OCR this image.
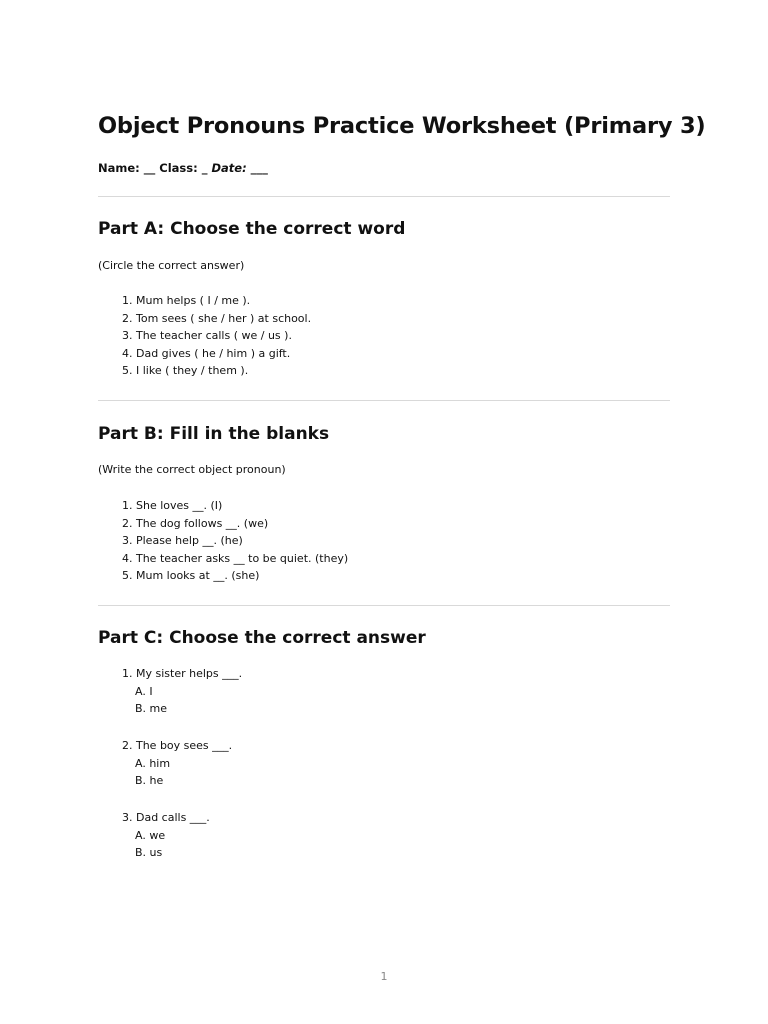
Object Pronouns Practice Worksheet (Primary 3)

Name: __ Class: _ Date: ___

Part A: Choose the correct word

(Circle the correct answer)

1. Mum helps ( I / me ).
2. Tom sees ( she / her ) at school.
3. The teacher calls ( we / us ).
4. Dad gives ( he / him ) a gift.
5. I like ( they / them ).
Part B: Fill in the blanks

(Write the correct object pronoun)

1. She loves __. (I)
2. The dog follows __. (we)
3. Please help __. (he)
4. The teacher asks __ to be quiet. (they)
5. Mum looks at __. (she)
Part C: Choose the correct answer
1. My sister helps ___.
A. I
B. me
2. The boy sees ___.
A. him
B. he
3. Dad calls ___.
A. we
B. us
1
